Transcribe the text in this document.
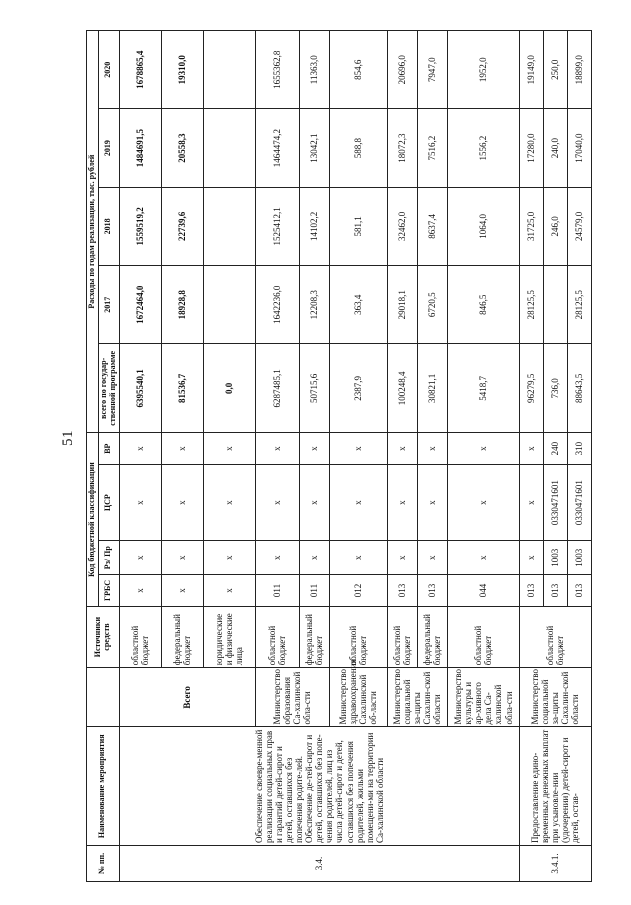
51
№ пп.	Наименование мероприятия		Источники средств	Код бюджетной классификации				Расходы по годам реализации, тыс. рублей				
				ГРБС	Рз/ Пр	ЦСР	ВР	всего по государ-ственной программе	2017	2018	2019	2020
3.4.	Обеспечение своевре-менной реализации социальных прав и гарантий детей-сирот и детей, оставшихся без попечения родите-лей. Обеспечение де-тей-сирот и детей, оставшихся без попе-чения родителей, лиц из числа детей-сирот и детей, оставшихся без попечения родителей, жильми помещени-ми на территории Са-халинской области	Всего	областной бюджет	х	х	х	х	6395540,1	1672464,0	1559519,2	1484691,5	1678865,4
			федеральный бюджет	х	х	х	х	81536,7	18928,8	22739,6	20558,3	19310,0
			юридические и физические лица	х	х	х	х	0,0				
		Министерство образования Са-халинской обла-сти	областной бюджет	011	х	х	х	6287485,1	1642236,0	1525412,1	1464474,2	1655362,8
			федеральный бюджет	011	х	х	х	50715,6	12208,3	14102,2	13042,1	11363,0
		Министерство здравоохранения Сахалинской об-ласти	областной бюджет	012	х	х	х	2387,9	363,4	581,1	588,8	854,6
		Министерство социальной за-щиты Сахалин-ской области	областной бюджет	013	х	х	х	100248,4	29018,1	32462,0	18072,3	20696,0
			федеральный бюджет	013	х	х	х	30821,1	6720,5	8637,4	7516,2	7947,0
		Министерство культуры и ар-хивного дела Са-халинской обла-сти	областной бюджет	044	х	х	х	5418,7	846,5	1064,0	1556,2	1952,0
3.4.1.	Предоставление едино-временных денежных выплат при усыновле-нии (удочерении) детей-сирот и детей, остав-	Министерство социальной за-щиты Сахалин-ской области	областной бюджет	013	х	х	х	96279,5	28125,5	31725,0	17280,0	19149,0
				013	1003	0330471601	240	736,0		246,0	240,0	250,0
				013	1003	0330471601	310	88643,5	28125,5	24579,0	17040,0	18899,0
